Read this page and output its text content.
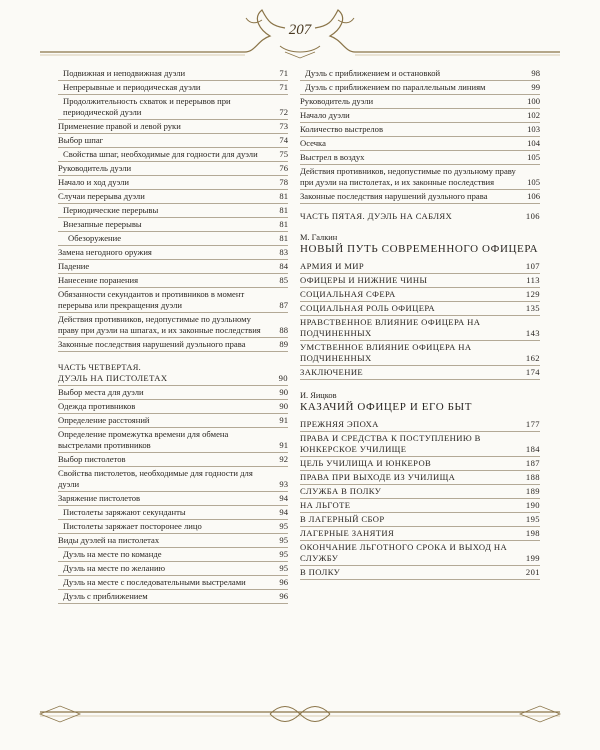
207
Подвижная и неподвижная дуэли	71
Непрерывные и периодическая дуэли	71
Продолжительность схваток и перерывов при периодической дуэли	72
Применение правой и левой руки	73
Выбор шпаг	74
Свойства шпаг, необходимые для годности для дуэли	75
Руководитель дуэли	76
Начало и ход дуэли	78
Случаи перерыва дуэли	81
Периодические перерывы	81
Внезапные перерывы	81
Обезоружение	81
Замена негодного оружия	83
Падение	84
Нанесение поранения	85
Обязанности секундантов и противников в момент перерыва или прекращения дуэли	87
Действия противников, недопустимые по дуэльному праву при дуэли на шпагах, и их законные последствия 88
Законные последствия нарушений дуэльного права	89
ЧАСТЬ ЧЕТВЕРТАЯ.
ДУЭЛЬ НА ПИСТОЛЕТАХ	90
Выбор места для дуэли	90
Одежда противников	90
Определение расстояний	91
Определение промежутка времени для обмена выстрелами противников	91
Выбор пистолетов	92
Свойства пистолетов, необходимые для годности для дуэли	93
Заряжение пистолетов	94
Пистолеты заряжают секунданты	94
Пистолеты заряжает посторонее лицо	95
Виды дуэлей на пистолетах	95
Дуэль на месте по команде	95
Дуэль на месте по желанию	95
Дуэль на месте с последовательными выстрелами	96
Дуэль с приближением	96
Дуэль с приближением и остановкой	98
Дуэль с приближением по параллельным линиям	99
Руководитель дуэли	100
Начало дуэли	102
Количество выстрелов	103
Осечка	104
Выстрел в воздух	105
Действия противников, недопустимые по дуэльному праву при дуэли на пистолетах, и их законные последствия	105
Законные последствия нарушений дуэльного права	106
ЧАСТЬ ПЯТАЯ. ДУЭЛЬ НА САБЛЯХ	106
М. Галкин
НОВЫЙ ПУТЬ СОВРЕМЕННОГО ОФИЦЕРА
АРМИЯ И МИР	107
ОФИЦЕРЫ И НИЖНИЕ ЧИНЫ	113
СОЦИАЛЬНАЯ СФЕРА	129
СОЦИАЛЬНАЯ РОЛЬ ОФИЦЕРА	135
НРАВСТВЕННОЕ ВЛИЯНИЕ ОФИЦЕРА НА ПОДЧИНЕННЫХ	143
УМСТВЕННОЕ ВЛИЯНИЕ ОФИЦЕРА НА ПОДЧИНЕННЫХ	162
ЗАКЛЮЧЕНИЕ	174
И. Яицков
КАЗАЧИЙ ОФИЦЕР И ЕГО БЫТ
ПРЕЖНЯЯ ЭПОХА	177
ПРАВА И СРЕДСТВА К ПОСТУПЛЕНИЮ В ЮНКЕРСКОЕ УЧИЛИЩЕ	184
ЦЕЛЬ УЧИЛИЩА И ЮНКЕРОВ	187
ПРАВА ПРИ ВЫХОДЕ ИЗ УЧИЛИЩА	188
СЛУЖБА В ПОЛКУ	189
НА ЛЬГОТЕ	190
В ЛАГЕРНЫЙ СБОР	195
ЛАГЕРНЫЕ ЗАНЯТИЯ	198
ОКОНЧАНИЕ ЛЬГОТНОГО СРОКА И ВЫХОД НА СЛУЖБУ	199
В ПОЛКУ	201
